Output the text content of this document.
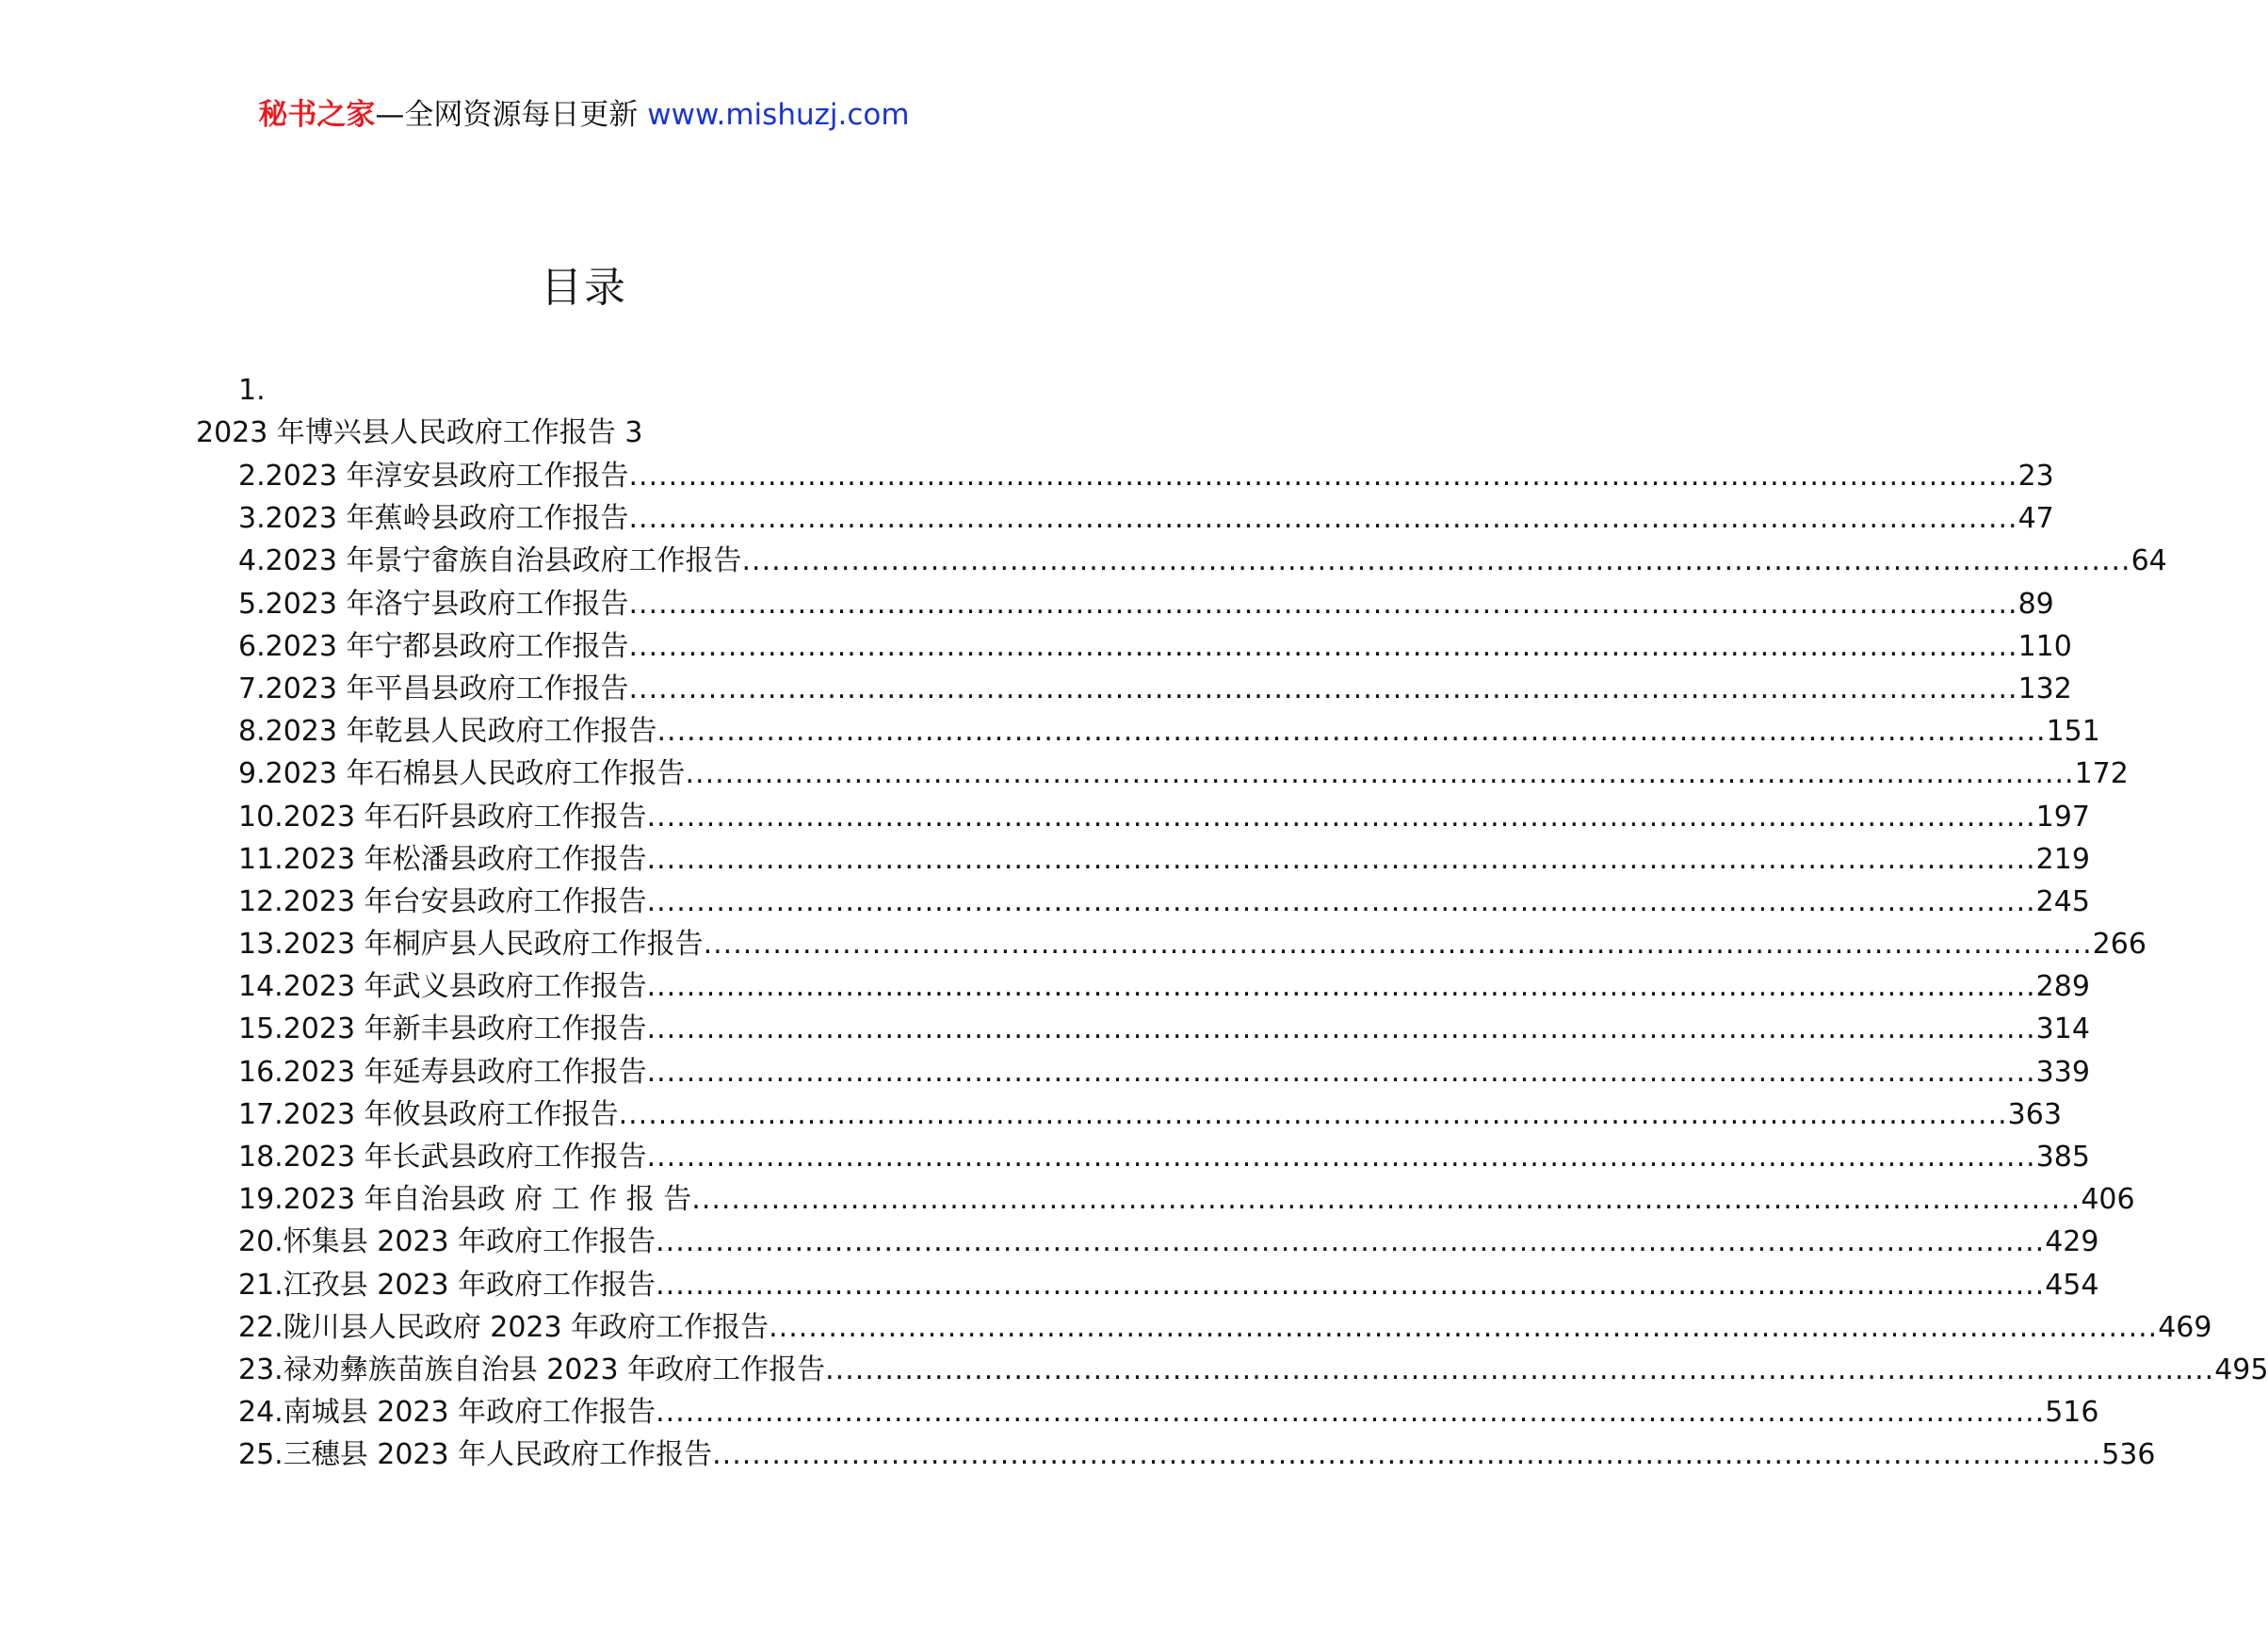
秘书之家—全网资源每日更新 www.mishuzj.com
目录
1.
2023 年博兴县人民政府工作报告 3
2.2023 年淳安县政府工作报告 ............................................................................................................................................ 23
3.2023 年蕉岭县政府工作报告 ............................................................................................................................................ 47
4.2023 年景宁畲族自治县政府工作报告 ............................................................................................................................................ 64
5.2023 年洛宁县政府工作报告 ............................................................................................................................................ 89
6.2023 年宁都县政府工作报告 ............................................................................................................................................ 110
7.2023 年平昌县政府工作报告 ............................................................................................................................................ 132
8.2023 年乾县人民政府工作报告 ............................................................................................................................................ 151
9.2023 年石棉县人民政府工作报告 ............................................................................................................................................ 172
10.2023 年石阡县政府工作报告 ............................................................................................................................................ 197
11.2023 年松潘县政府工作报告 ............................................................................................................................................ 219
12.2023 年台安县政府工作报告 ............................................................................................................................................ 245
13.2023 年桐庐县人民政府工作报告 ............................................................................................................................................ 266
14.2023 年武义县政府工作报告 ............................................................................................................................................ 289
15.2023 年新丰县政府工作报告 ............................................................................................................................................ 314
16.2023 年延寿县政府工作报告 ............................................................................................................................................ 339
17.2023 年攸县政府工作报告 ............................................................................................................................................ 363
18.2023 年长武县政府工作报告 ............................................................................................................................................ 385
19.2023 年自治县政 府 工 作 报 告 ............................................................................................................................................ 406
20.怀集县 2023 年政府工作报告 ............................................................................................................................................ 429
21.江孜县 2023 年政府工作报告 ............................................................................................................................................ 454
22.陇川县人民政府 2023 年政府工作报告 ............................................................................................................................................ 469
23.禄劝彝族苗族自治县 2023 年政府工作报告 ............................................................................................................................................ 495
24.南城县 2023 年政府工作报告 ............................................................................................................................................ 516
25.三穗县 2023 年人民政府工作报告 ............................................................................................................................................ 536
